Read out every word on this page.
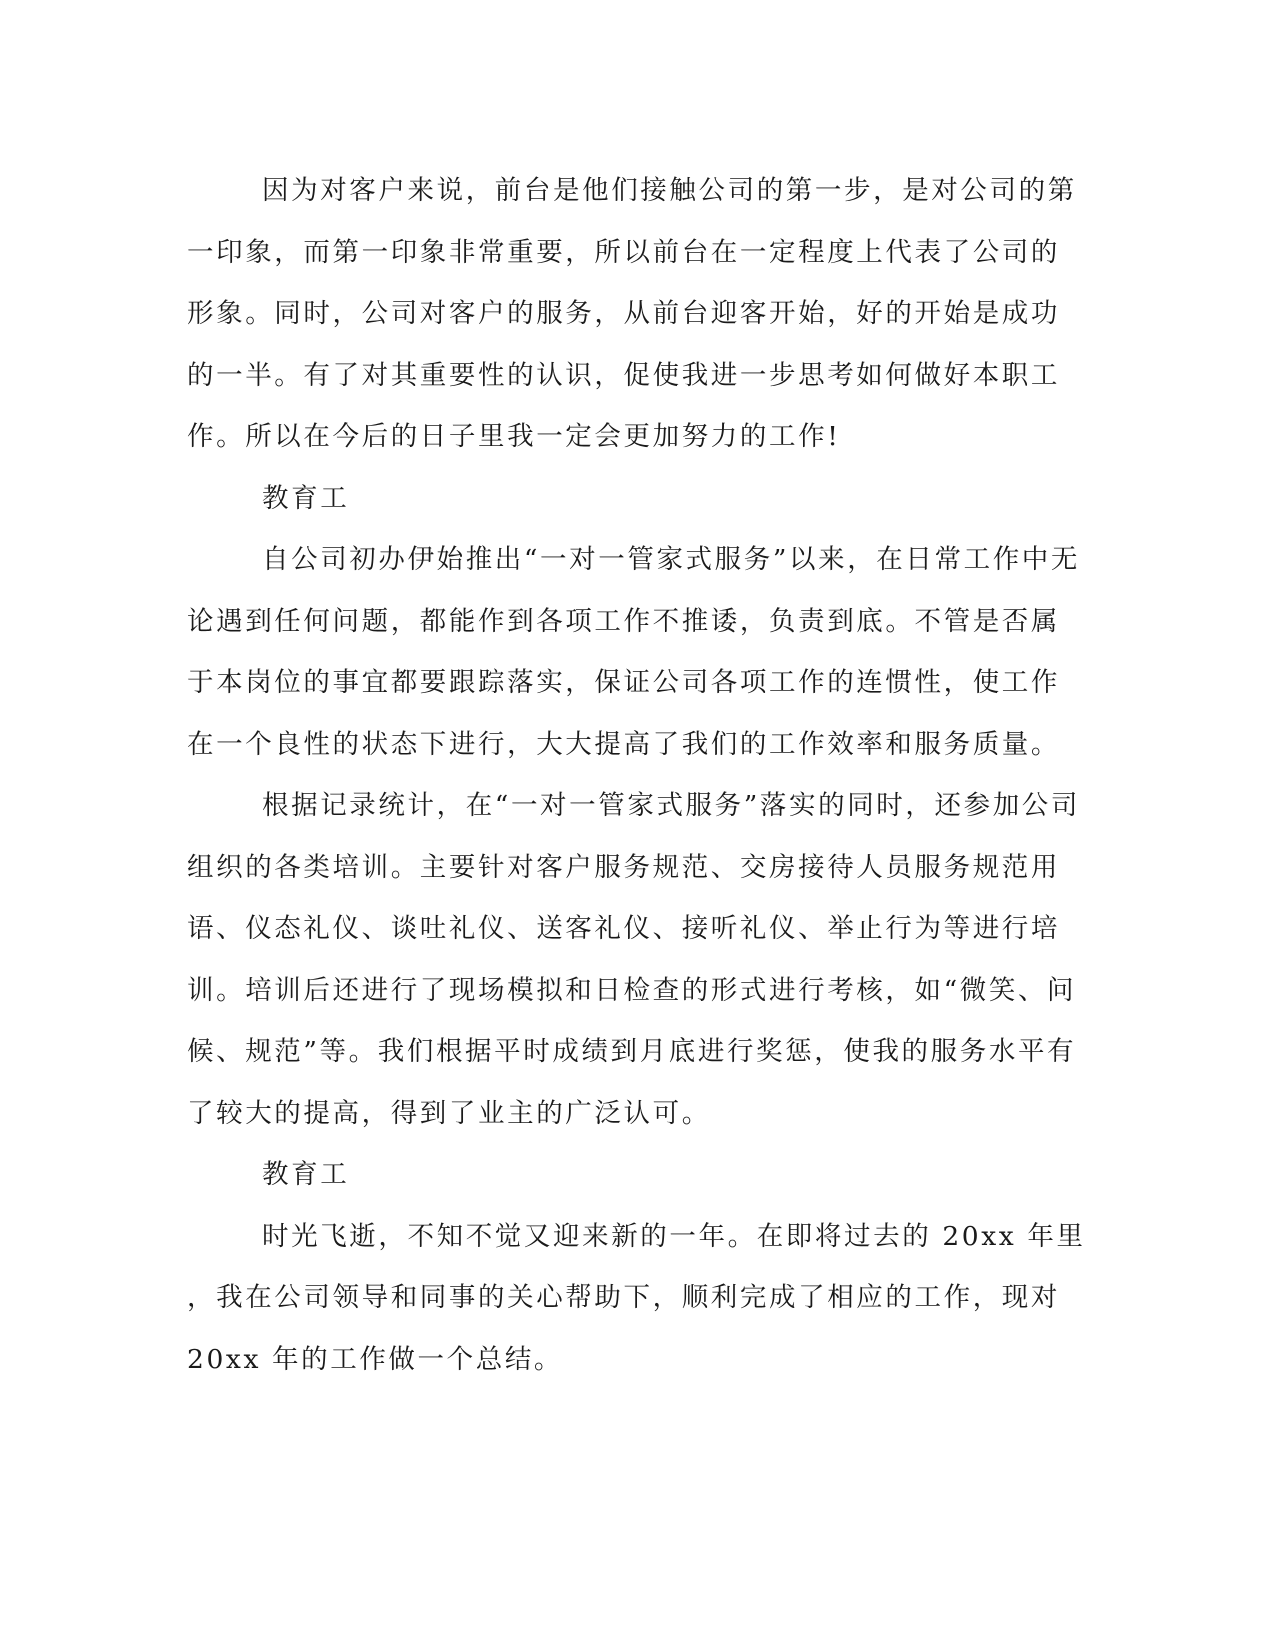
因为对客户来说，前台是他们接触公司的第一步，是对公司的第
一印象，而第一印象非常重要，所以前台在一定程度上代表了公司的
形象。同时，公司对客户的服务，从前台迎客开始，好的开始是成功
的一半。有了对其重要性的认识，促使我进一步思考如何做好本职工
作。所以在今后的日子里我一定会更加努力的工作!
教育工
自公司初办伊始推出“一对一管家式服务”以来，在日常工作中无
论遇到任何问题，都能作到各项工作不推诿，负责到底。不管是否属
于本岗位的事宜都要跟踪落实，保证公司各项工作的连惯性，使工作
在一个良性的状态下进行，大大提高了我们的工作效率和服务质量。
根据记录统计，在“一对一管家式服务”落实的同时，还参加公司
组织的各类培训。主要针对客户服务规范、交房接待人员服务规范用
语、仪态礼仪、谈吐礼仪、送客礼仪、接听礼仪、举止行为等进行培
训。培训后还进行了现场模拟和日检查的形式进行考核，如“微笑、问
候、规范”等。我们根据平时成绩到月底进行奖惩，使我的服务水平有
了较大的提高，得到了业主的广泛认可。
教育工
时光飞逝，不知不觉又迎来新的一年。在即将过去的 20xx 年里
，我在公司领导和同事的关心帮助下，顺利完成了相应的工作，现对
20xx 年的工作做一个总结。
